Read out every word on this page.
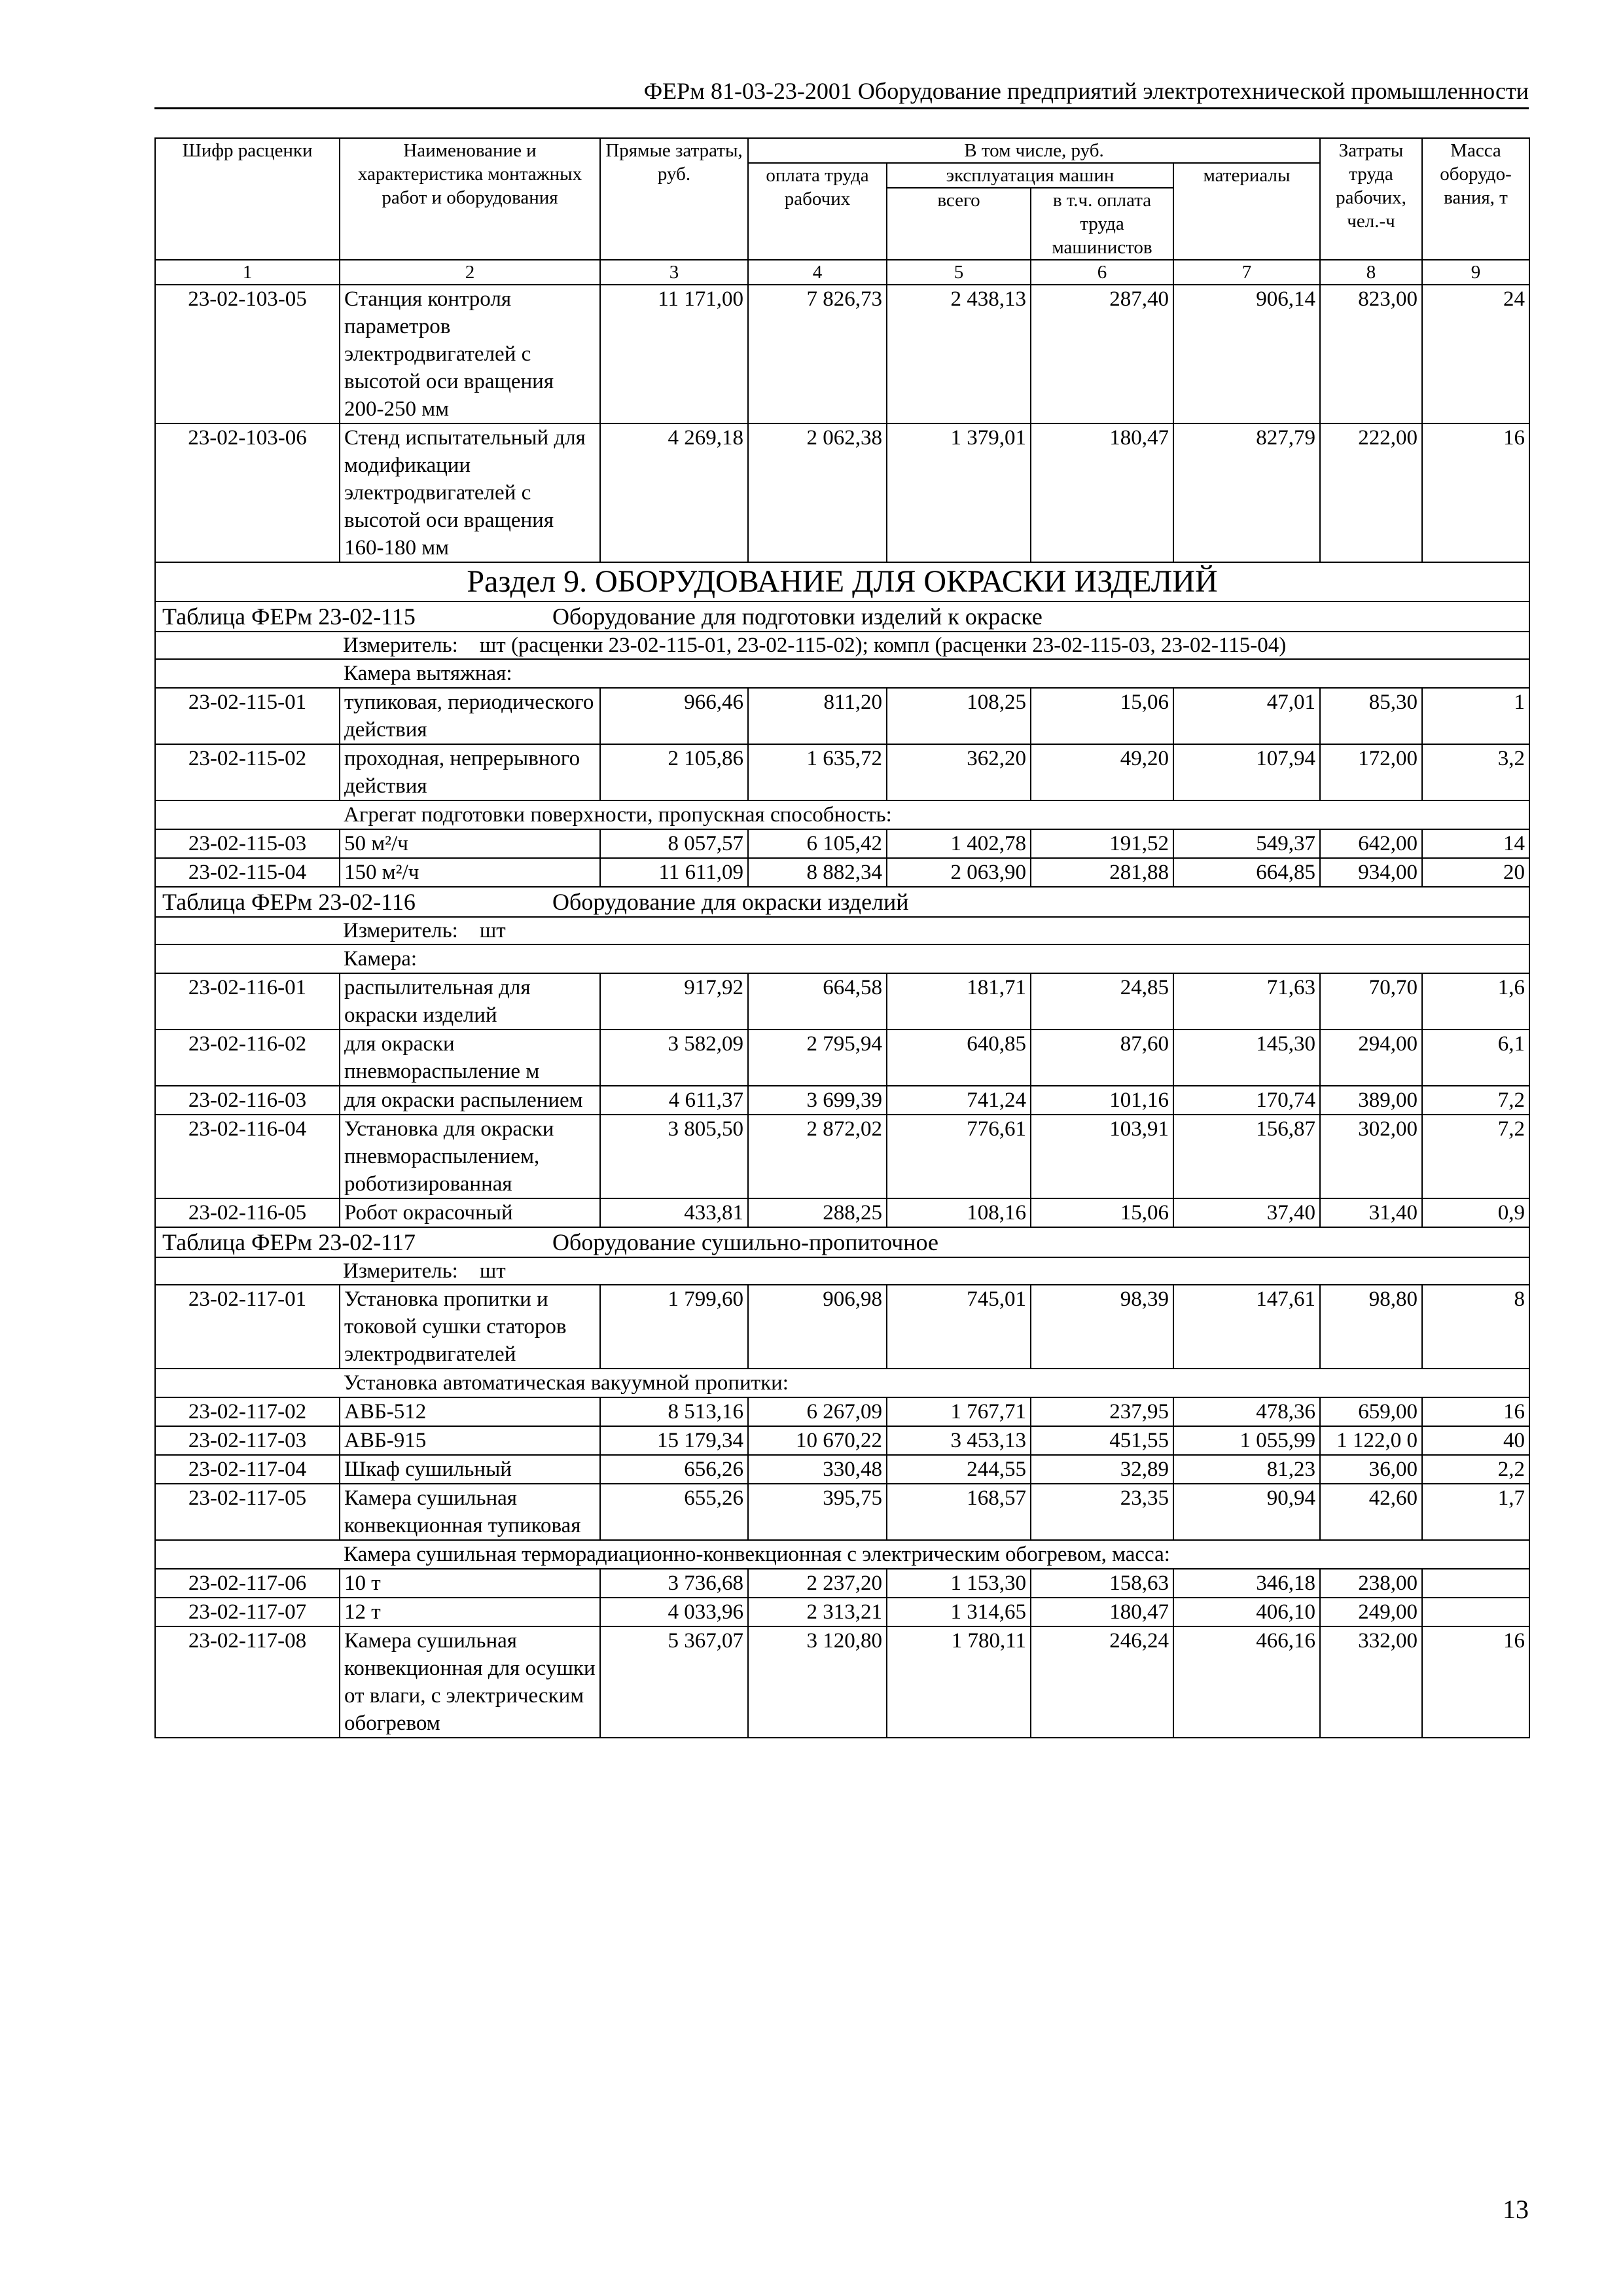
ФЕРм 81-03-23-2001 Оборудование предприятий электротехнической промышленности
Шифр расценки	Наименование и характеристика монтажных работ и оборудования	Прямые затраты, руб.	В том числе, руб.				Затраты труда рабочих, чел.-ч	Масса оборудо-вания, т
			оплата труда рабочих	эксплуатация машин		материалы		
				всего	в т.ч. оплата труда машинистов			
1	2	3	4	5	6	7	8	9
23-02-103-05	Станция контроля параметров электродвигателей с высотой оси вращения 200-250 мм	11 171,00	7 826,73	2 438,13	287,40	906,14	823,00	24
23-02-103-06	Стенд испытательный для модификации электродвигателей с высотой оси вращения 160-180 мм	4 269,18	2 062,38	1 379,01	180,47	827,79	222,00	16
Раздел 9. ОБОРУДОВАНИЕ ДЛЯ ОКРАСКИ ИЗДЕЛИЙ								
Таблица ФЕРм 23-02-115 Оборудование для подготовки изделий к окраске								
Измеритель: шт (расценки 23-02-115-01, 23-02-115-02); компл (расценки 23-02-115-03, 23-02-115-04)								
	Камера вытяжная:							
23-02-115-01	тупиковая, периодического действия	966,46	811,20	108,25	15,06	47,01	85,30	1
23-02-115-02	проходная, непрерывного действия	2 105,86	1 635,72	362,20	49,20	107,94	172,00	3,2
	Агрегат подготовки поверхности, пропускная способность:							
23-02-115-03	50 м²/ч	8 057,57	6 105,42	1 402,78	191,52	549,37	642,00	14
23-02-115-04	150 м²/ч	11 611,09	8 882,34	2 063,90	281,88	664,85	934,00	20
Таблица ФЕРм 23-02-116 Оборудование для окраски изделий								
Измеритель: шт								
	Камера:							
23-02-116-01	распылительная для окраски изделий	917,92	664,58	181,71	24,85	71,63	70,70	1,6
23-02-116-02	для окраски пневмораспыление м	3 582,09	2 795,94	640,85	87,60	145,30	294,00	6,1
23-02-116-03	для окраски распылением	4 611,37	3 699,39	741,24	101,16	170,74	389,00	7,2
23-02-116-04	Установка для окраски пневмораспылением, роботизированная	3 805,50	2 872,02	776,61	103,91	156,87	302,00	7,2
23-02-116-05	Робот окрасочный	433,81	288,25	108,16	15,06	37,40	31,40	0,9
Таблица ФЕРм 23-02-117 Оборудование сушильно-пропиточное								
Измеритель: шт								
23-02-117-01	Установка пропитки и токовой сушки статоров электродвигателей	1 799,60	906,98	745,01	98,39	147,61	98,80	8
	Установка автоматическая вакуумной пропитки:							
23-02-117-02	АВБ-512	8 513,16	6 267,09	1 767,71	237,95	478,36	659,00	16
23-02-117-03	АВБ-915	15 179,34	10 670,22	3 453,13	451,55	1 055,99	1 122,0 0	40
23-02-117-04	Шкаф сушильный	656,26	330,48	244,55	32,89	81,23	36,00	2,2
23-02-117-05	Камера сушильная конвекционная тупиковая	655,26	395,75	168,57	23,35	90,94	42,60	1,7
	Камера сушильная терморадиационно-конвекционная с электрическим обогревом, масса:							
23-02-117-06	10 т	3 736,68	2 237,20	1 153,30	158,63	346,18	238,00	
23-02-117-07	12 т	4 033,96	2 313,21	1 314,65	180,47	406,10	249,00	
23-02-117-08	Камера сушильная конвекционная для осушки от влаги, с электрическим обогревом	5 367,07	3 120,80	1 780,11	246,24	466,16	332,00	16
13
